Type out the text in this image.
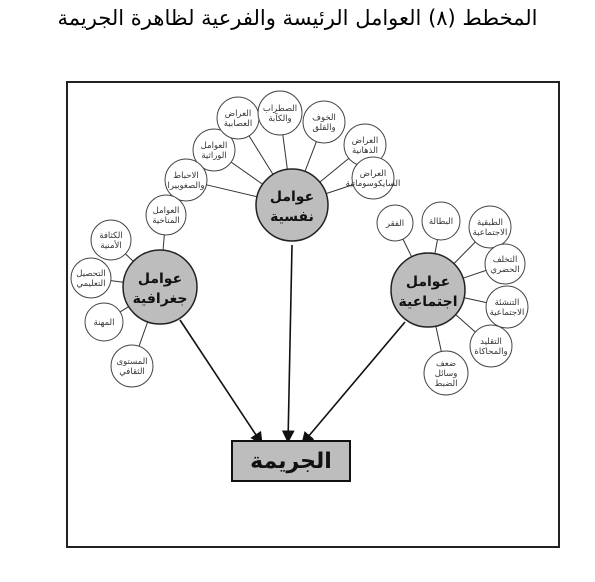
المخطط (٨) العوامل الرئيسة والفرعية لظاهرة الجريمة
العوامل
الوراثية
العراض
العصابية
الصطراب
والكآبة الخوف
والقلق
العراض
الذهانية
العراض
السايكوسوماتية
الاحباط
والصغوبيرا
العوامل
المناخية
الكثافة
الأمنية
التحصيل
التعليمي
المهنة
المستوى
الثقافي
الفقر	البطالة	الطبقية
الاجتماعية
التخلف
الحضري
التنشئة
الاجتماعية
التقليد
والمحاكاة
ضعف
وسائل
الضبط
عوامل
نفسية
عوامل
جغرافية
عوامل
اجتماعية
الجريمة
